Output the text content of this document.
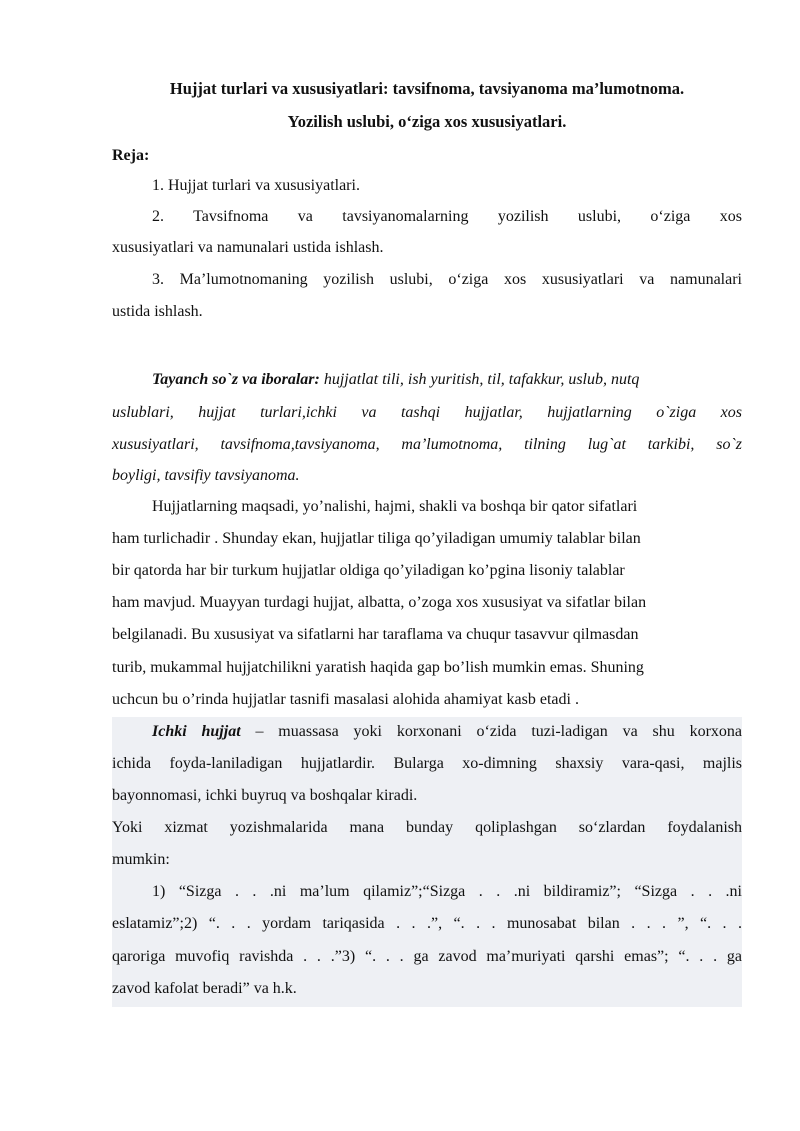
Hujjat turlari va xususiyatlari: tavsifnoma, tavsiyanoma ma’lumotnoma.
Yozilish uslubi, o‘ziga xos xususiyatlari.
Reja:
1. Hujjat turlari va xususiyatlari.
2. Tavsifnoma va tavsiyanomalarning yozilish uslubi, o‘ziga xos
xususiyatlari va namunalari ustida ishlash.
3. Ma’lumotnomaning yozilish uslubi, o‘ziga xos xususiyatlari va namunalari
ustida ishlash.
Tayanch so`z va iboralar: hujjatlat tili, ish yuritish, til, tafakkur, uslub, nutq
uslublari, hujjat turlari,ichki va tashqi hujjatlar, hujjatlarning o`ziga xos
xususiyatlari, tavsifnoma,tavsiyanoma, ma’lumotnoma, tilning lug`at tarkibi, so`z
boyligi, tavsifiy tavsiyanoma.
Hujjatlarning maqsadi, yo’nalishi, hajmi, shakli va boshqa bir qator sifatlari
ham turlichadir . Shunday ekan, hujjatlar tiliga qo’yiladigan umumiy talablar bilan
bir qatorda har bir turkum hujjatlar oldiga qo’yiladigan ko’pgina lisoniy talablar
ham mavjud. Muayyan turdagi hujjat, albatta, o’zoga xos xususiyat va sifatlar bilan
belgilanadi. Bu xususiyat va sifatlarni har taraflama va chuqur tasavvur qilmasdan
turib, mukammal hujjatchilikni yaratish haqida gap bo’lish mumkin emas. Shuning
uchcun bu o’rinda hujjatlar tasnifi masalasi alohida ahamiyat kasb etadi .
Ichki hujjat – muassasa yoki korxonani o‘zida tuzi-ladigan va shu korxona
ichida foyda-laniladigan hujjatlardir. Bularga xo-dimning shaxsiy vara-qasi, majlis
bayonnomasi, ichki buyruq va boshqalar kiradi.
Yoki xizmat yozishmalarida mana bunday qoliplashgan so‘zlardan foydalanish
mumkin:
1) “Sizga . . .ni ma’lum qilamiz”;“Sizga . . .ni bildiramiz”; “Sizga . . .ni
eslatamiz”;2) “. . . yordam tariqasida . . .”, “. . . munosabat bilan . . . ”, “. . .
qaroriga muvofiq ravishda . . .”3) “. . . ga zavod ma’muriyati qarshi emas”; “. . . ga
zavod kafolat beradi” va h.k.
